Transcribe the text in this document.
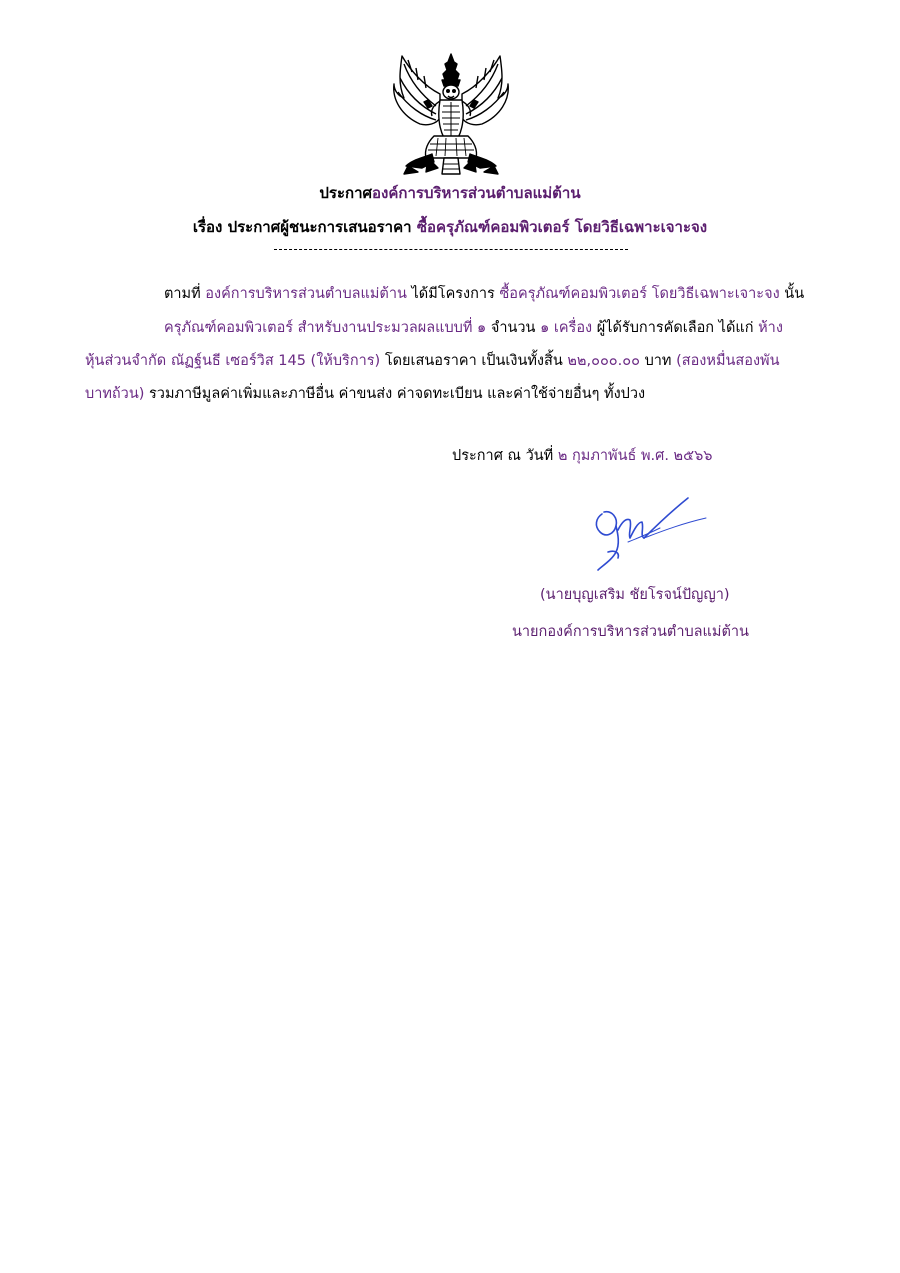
ประกาศองค์การบริหารส่วนตำบลแม่ต้าน
เรื่อง ประกาศผู้ชนะการเสนอราคา ซื้อครุภัณฑ์คอมพิวเตอร์ โดยวิธีเฉพาะเจาะจง
ตามที่ องค์การบริหารส่วนตำบลแม่ต้าน ได้มีโครงการ ซื้อครุภัณฑ์คอมพิวเตอร์ โดยวิธีเฉพาะเจาะจง นั้น
ครุภัณฑ์คอมพิวเตอร์ สำหรับงานประมวลผลแบบที่ ๑ จำนวน ๑ เครื่อง ผู้ได้รับการคัดเลือก ได้แก่ ห้าง
หุ้นส่วนจำกัด ณัฏฐ์นธี เซอร์วิส 145 (ให้บริการ) โดยเสนอราคา เป็นเงินทั้งสิ้น ๒๒,๐๐๐.๐๐ บาท (สองหมื่นสองพัน
บาทถ้วน) รวมภาษีมูลค่าเพิ่มและภาษีอื่น ค่าขนส่ง ค่าจดทะเบียน และค่าใช้จ่ายอื่นๆ ทั้งปวง
ประกาศ ณ วันที่ ๒ กุมภาพันธ์ พ.ศ. ๒๕๖๖
(นายบุญเสริม ชัยโรจน์ปัญญา)
นายกองค์การบริหารส่วนตำบลแม่ต้าน
